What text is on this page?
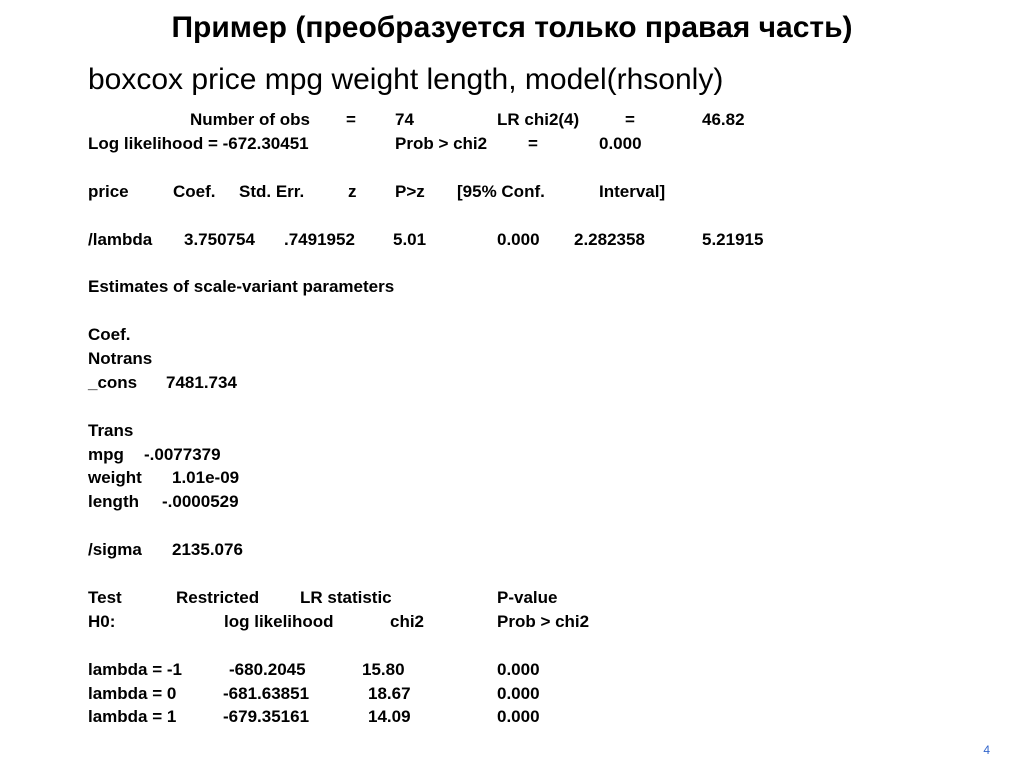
Пример (преобразуется только правая часть)
boxcox price mpg weight length, model(rhsonly)
Number of obs = 74	LR chi2(4)	=	46.82
Log likelihood = -672.30451	Prob > chi2 =	0.000
price	Coef. Std. Err.	z P>z [95% Conf.	Interval]
/lambda 3.750754 .7491952 5.01	0.000 2.282358	5.21915
Estimates of scale-variant parameters
Coef.
Notrans
_cons 7481.734
Trans
mpg -.0077379
weight 1.01e-09
length -.0000529
/sigma 2135.076
Test	Restricted LR statistic	P-value
H0:	log likelihood	chi2	Prob > chi2
lambda = -1	-680.2045	15.80	0.000
lambda = 0	-681.63851	18.67	0.000
lambda = 1	-679.35161	14.09	0.000
4
